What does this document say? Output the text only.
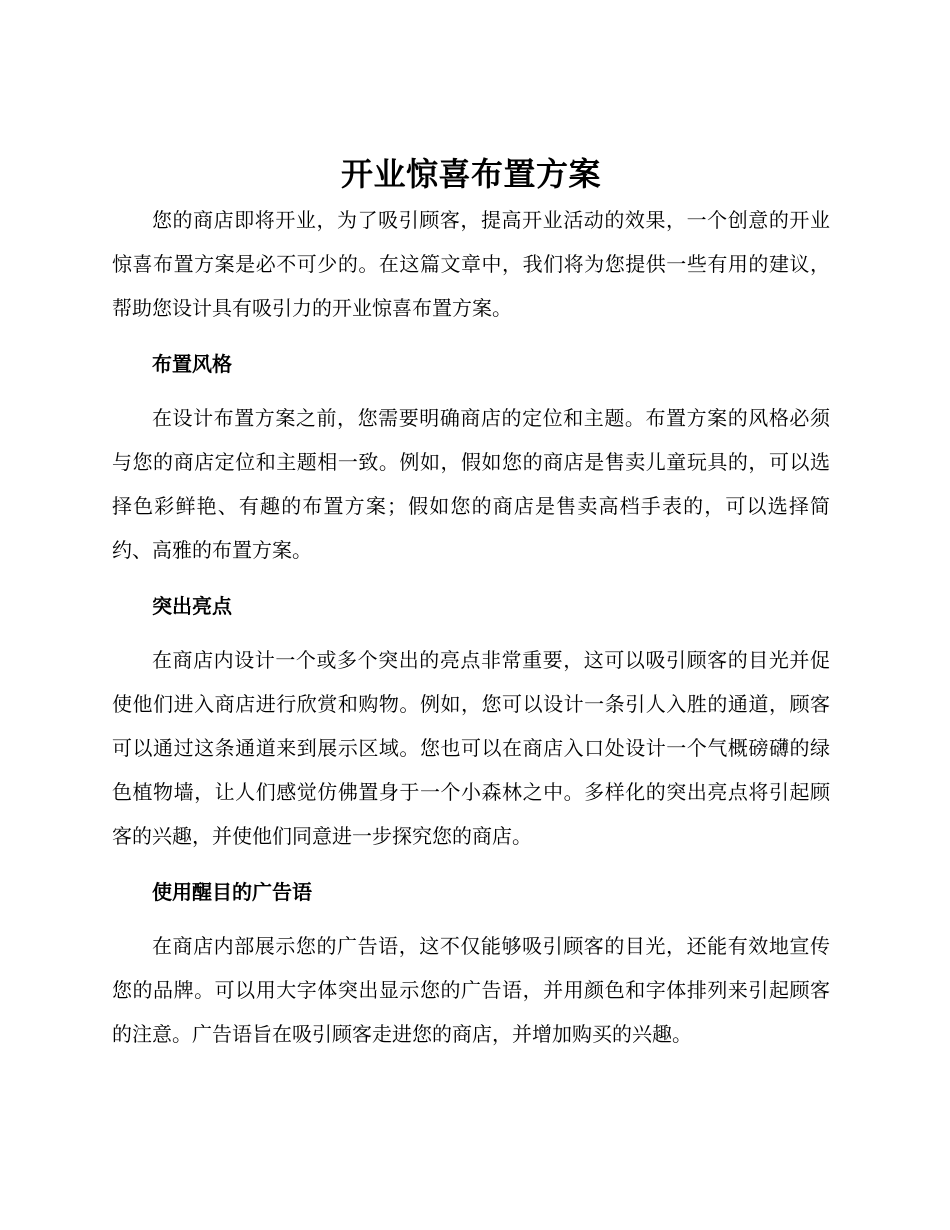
开业惊喜布置方案

您的商店即将开业，为了吸引顾客，提高开业活动的效果，一个创意的开业惊喜布置方案是必不可少的。在这篇文章中，我们将为您提供一些有用的建议，帮助您设计具有吸引力的开业惊喜布置方案。

布置风格

在设计布置方案之前，您需要明确商店的定位和主题。布置方案的风格必须与您的商店定位和主题相一致。例如，假如您的商店是售卖儿童玩具的，可以选择色彩鲜艳、有趣的布置方案；假如您的商店是售卖高档手表的，可以选择简约、高雅的布置方案。

突出亮点

在商店内设计一个或多个突出的亮点非常重要，这可以吸引顾客的目光并促使他们进入商店进行欣赏和购物。例如，您可以设计一条引人入胜的通道，顾客可以通过这条通道来到展示区域。您也可以在商店入口处设计一个气概磅礴的绿色植物墙，让人们感觉仿佛置身于一个小森林之中。多样化的突出亮点将引起顾客的兴趣，并使他们同意进一步探究您的商店。

使用醒目的广告语

在商店内部展示您的广告语，这不仅能够吸引顾客的目光，还能有效地宣传您的品牌。可以用大字体突出显示您的广告语，并用颜色和字体排列来引起顾客的注意。广告语旨在吸引顾客走进您的商店，并增加购买的兴趣。
